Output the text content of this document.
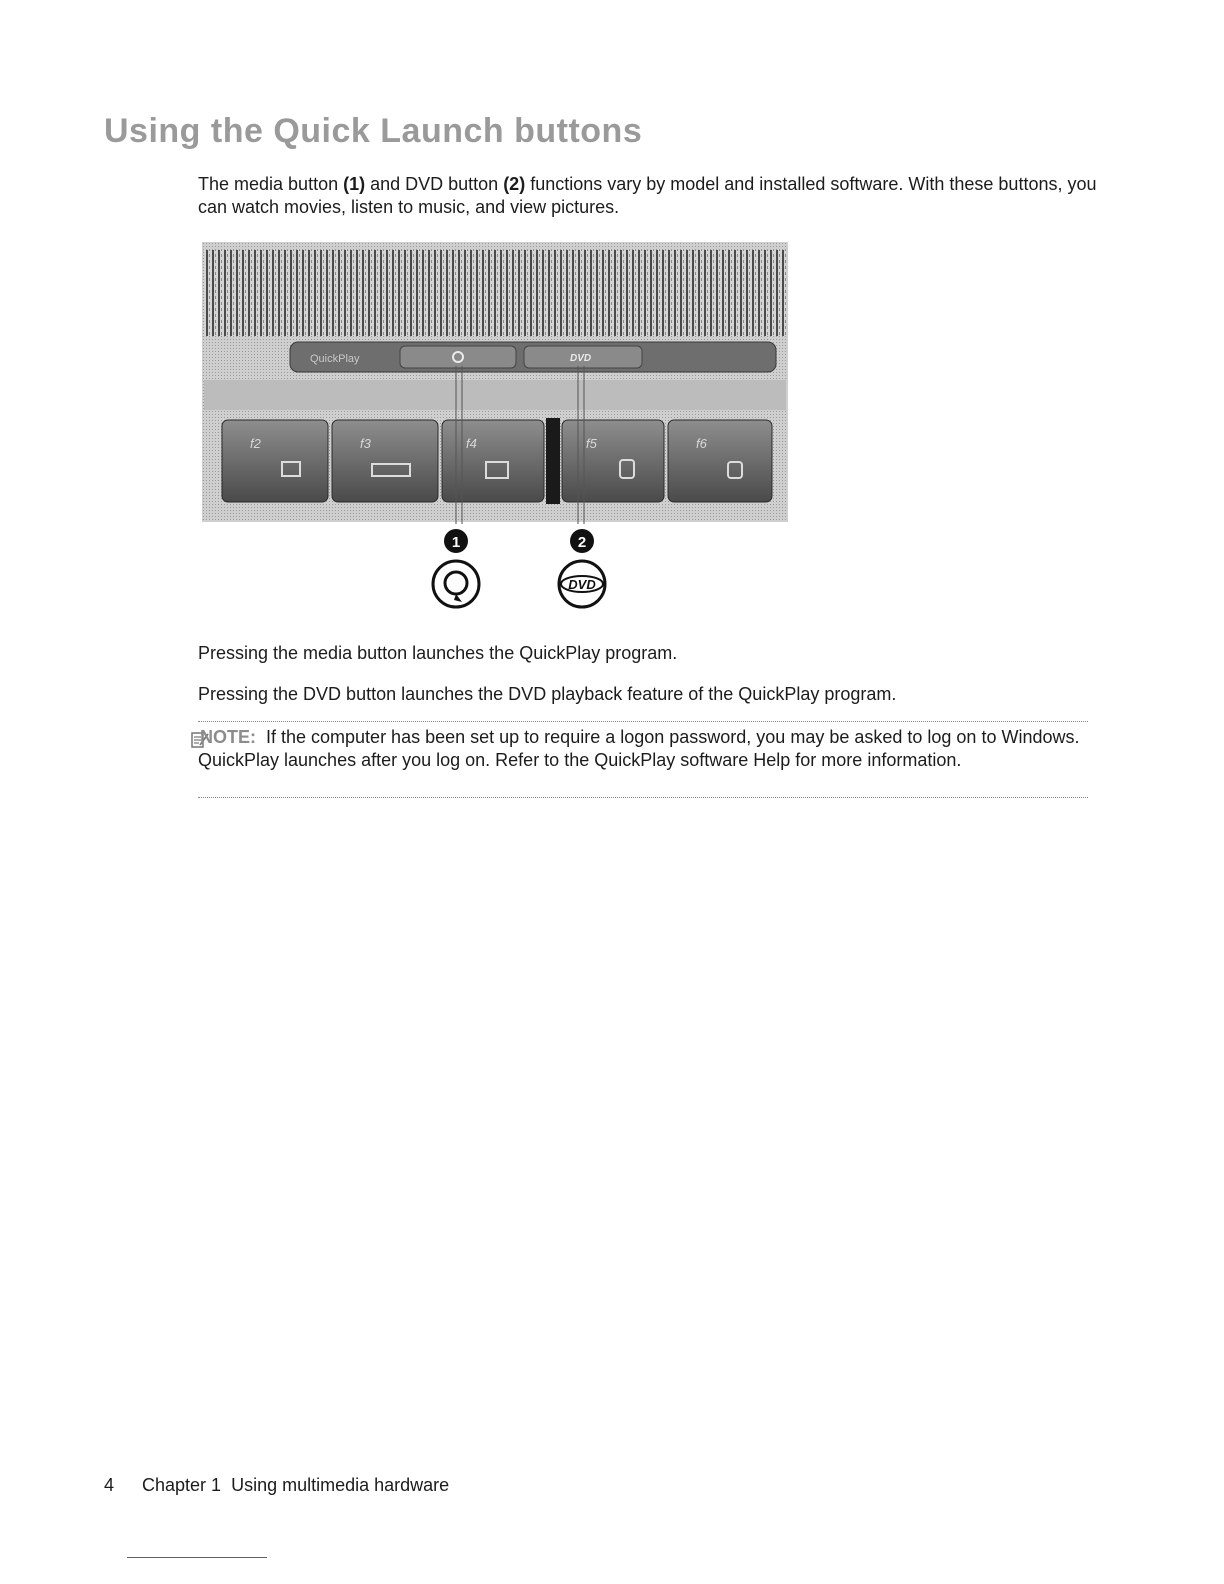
Using the Quick Launch buttons

The media button (1) and DVD button (2) functions vary by model and installed software. With these buttons, you can watch movies, listen to music, and view pictures.

QuickPlay	DVD
f2	f3	f4	f5	f6
1	2
DVD

Pressing the media button launches the QuickPlay program.

Pressing the DVD button launches the DVD playback feature of the QuickPlay program.

NOTE: If the computer has been set up to require a logon password, you may be asked to log on to Windows. QuickPlay launches after you log on. Refer to the QuickPlay software Help for more information.

4 Chapter 1 Using multimedia hardware
